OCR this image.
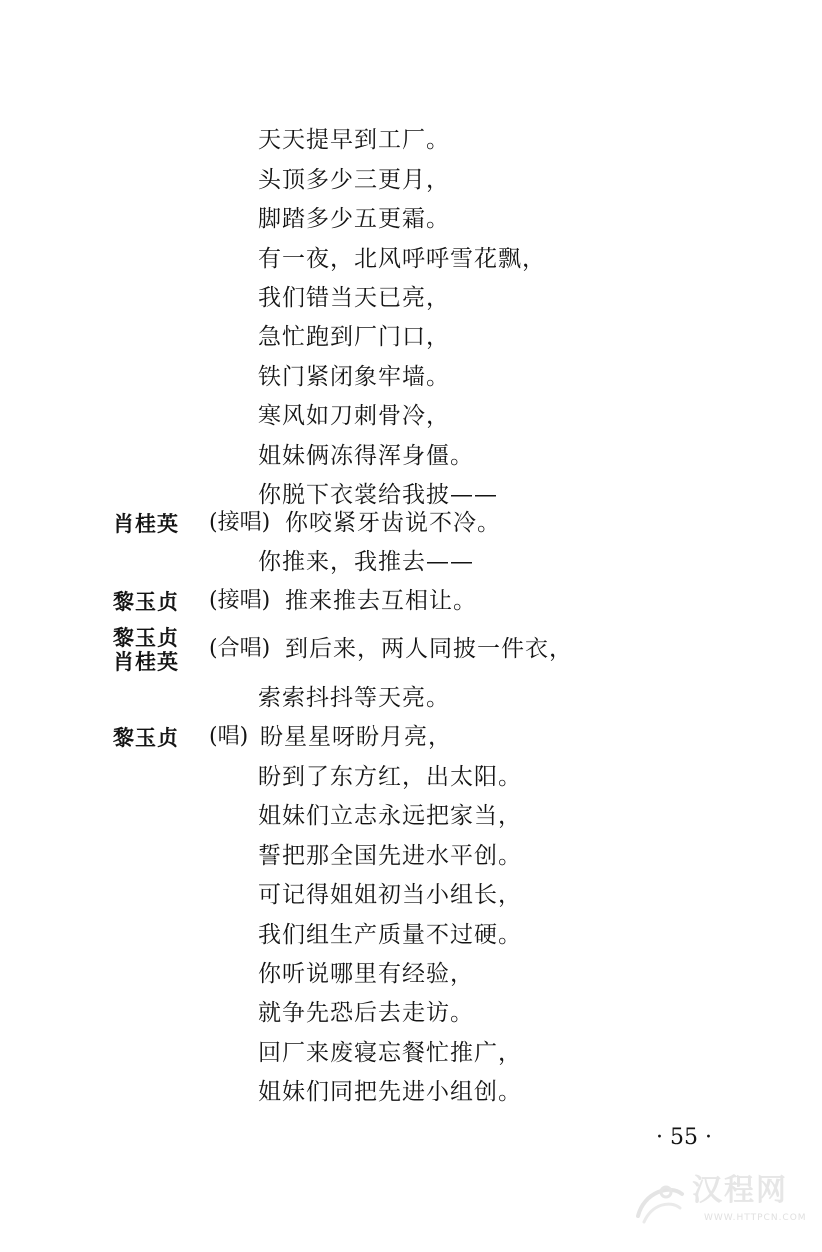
天天提早到工厂。
头顶多少三更月，
脚踏多少五更霜。
有一夜，北风呼呼雪花飘，
我们错当天已亮，
急忙跑到厂门口，
铁门紧闭象牢墙。
寒风如刀刺骨冷，
姐妹俩冻得浑身僵。
你脱下衣裳给我披——
肖桂英 (接唱) 你咬紧牙齿说不冷。
你推来，我推去——
黎玉贞 (接唱) 推来推去互相让。
黎玉贞
肖桂英
(合唱) 到后来，两人同披一件衣，
索索抖抖等天亮。
黎玉贞 (唱) 盼星星呀盼月亮，
盼到了东方红，出太阳。
姐妹们立志永远把家当，
誓把那全国先进水平创。
可记得姐姐初当小组长，
我们组生产质量不过硬。
你听说哪里有经验，
就争先恐后去走访。
回厂来废寝忘餐忙推广，
姐妹们同把先进小组创。
· 55 ·
汉程网
WWW.HTTPCN.COM
